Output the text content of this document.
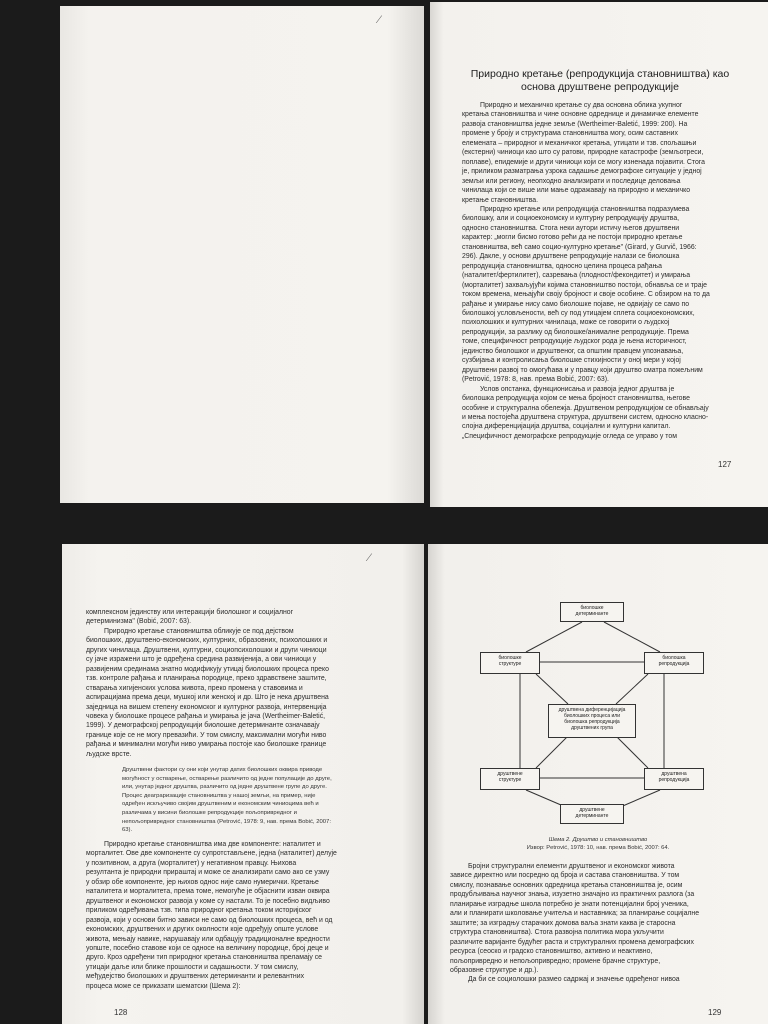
⁄
Природно кретање (репродукција становништва) као
основа друштвене репродукције

Природно и механичко кретање су два основна облика укупног

кретања становништва и чине основне одреднице и динамичке елементе

развоја становништва једне земље (Wertheimer-Baletić, 1999: 200). На

промене у броју и структурама становништва могу, осим саставних

елемената – природног и механичког кретања, утицати и тзв. спољашњи

(екстерни) чиниоци као што су ратови, природне катастрофе (земљотреси,

поплаве), епидемије и други чиниоци који се могу изненада појавити. Стога

је, приликом разматрања узрока садашње демографске ситуације у једној

земљи или региону, неопходно анализирати и последице деловања

чинилаца који се више или мање одражавају на природно и механичко

кретање становништва.

Природно кретање или репродукција становништва подразумева

биолошку, али и социоекономску и културну репродукцију друштва,

односно становништва. Стога неки аутори истичу његов друштвени

карактер: „могли бисмо готово рећи да не постоји природно кретање

становништва, већ само социо-културно кретање" (Girard, у Gurvič, 1966:

296). Дакле, у основи друштвене репродукције налази се биолошка

репродукција становништва, односно целина процеса рађања

(наталитет/фертилитет), сазревања (плодност/фекондитет) и умирања

(морталитет) захваљујући којима становништво постоји, обнавља се и траје

током времена, мењајући своју бројност и своје особине. С обзиром на то да

рађање и умирање нису само биолошке појаве, не одвијају се само по

биолошкој условљености, већ су под утицајем сплета социоекономских,

психолошких и културних чинилаца, може се говорити о људској

репродукцији, за разлику од биолошке/анималне репродукције. Према

томе, специфичност репродукције људског рода је њена историчност,

јединство биолошког и друштвеног, са општим правцем упознавања,

сузбијања и контролисања биолошке стихијности у оној мери у којој

друштвени развој то омогућава и у правцу који друштво сматра пожељним

(Petrović, 1978: 8, нав. према Bobić, 2007: 63).

Услов опстанка, функционисања и развоја једног друштва је

биолошка репродукција којом се мења бројност становништва, његове

особине и структурална обележја. Друштвеном репродукцијом се обнављају

и мења постојећа друштвена структура, друштвени систем, односно класно-

слојна диференцијација друштва, социјални и културни капитал.

„Специфичност демографске репродукције огледа се управо у том

127
⁄

комплексном јединству или интеракцији биолошког и социјалног

детерминизма" (Bobić, 2007: 63).

Природно кретање становништва обликује се под дејством

биолошких, друштвено-економских, културних, образовних, психолошких и

других чинилаца. Друштвени, културни, социопсихолошки и други чиниоци

су јаче изражени што је одређена средина развијенија, а ови чиниоци у

развијеним срединама знатно модификују утицај биолошких процеса преко

тзв. контроле рађања и планирања породице, преко здравствене заштите,

стварања хигијенских услова живота, преко промена у ставовима и

аспирацијама према деци, мушкој или женској и др. Што је нека друштвена

заједница на вишем степену економског и културног развоја, интервенција

човека у биолошке процесе рађања и умирања је јача (Wertheimer-Baletić,

1999). У демографској репродукцији биолошке детерминанте означавају

границе које се не могу превазићи. У том смислу, максимални могући ниво

рађања и минимални могући ниво умирања постоје као биолошке границе

људске врсте.

Друштвени фактори су они који унутар датих биолошких оквира приводе

могућност у остварење, остварење различито од једне популације до друге,

или, унутар једног друштва, различито од једне друштвене групе до друге.

Процес деаграризације становништва у нашој земљи, на пример, није

одређен искључиво својим друштвеним и економским чиниоцима већ и

различама у висини биолошке репродукције пољопривредног и

непољопривредног становништва (Petrović, 1978: 9, нав. према Bobić, 2007:

63).

Природно кретање становништва има две компоненте: наталитет и

морталитет. Ове две компоненте су супротстављене, једна (наталитет) делује

у позитивном, а друга (морталитет) у негативном правцу. Њихова

резултанта је природни прираштај и може се анализирати само ако се узму

у обзир обе компоненте, јер њихов однос није само нумерички. Кретање

наталитета и морталитета, према томе, немогуће је објаснити изван оквира

друштвеног и економског развоја у коме су настали. То је посебно видљиво

приликом одређивања тзв. типа природног кретања током историјског

развоја, који у основи битно зависи не само од биолошких процеса, већ и од

економских, друштвених и других околности које одређују опште услове

живота, мењају навике, нарушавају или одбацују традиционалне вредности

уопште, посебно ставове који се односе на величину породице, број деце и

друго. Кроз одређени тип природног кретања становништва преламају се

утицаји даље или ближе прошлости и садашњости. У том смислу,

међудејство биолошких и друштвених детерминанти и релевантних

процеса може се приказати шематски (Шема 2):

128
биолошке
детерминанте
биолошке
структуре
биолошка
репродукција
друштвена диференцијација
биолошких процеса или
биолошка репродукција
друштвених група
друштвене
структуре
друштвена
репродукција
друштвене
детерминанте
Шема 2. Друштво и становништво
Извор: Petrović, 1978: 10, нав. према Bobić, 2007: 64.

Бројни структурални елементи друштвеног и економског живота

зависе директно или посредно од броја и састава становништва. У том

смислу, познавање основних одредница кретања становништва је, осим

продубљивања научног знања, изузетно значајно из практичних разлога (за

планирање изградње школа потребно је знати потенцијални број ученика,

али и планирати школовање учитеља и наставника; за планирање социјалне

заштите; за изградњу старачких домова ваља знати каква је старосна

структура становништва). Стога развојна политика мора укључити

различите варијанте будућег раста и структуралних промена демографских

ресурса (сеоско и градско становништво, активно и неактивно,

пољопривредно и непољопривредно; промене брачне структуре,

образовне структуре и др.).

Да би се социолошки размео садржај и значење одређеног нивоа

129
